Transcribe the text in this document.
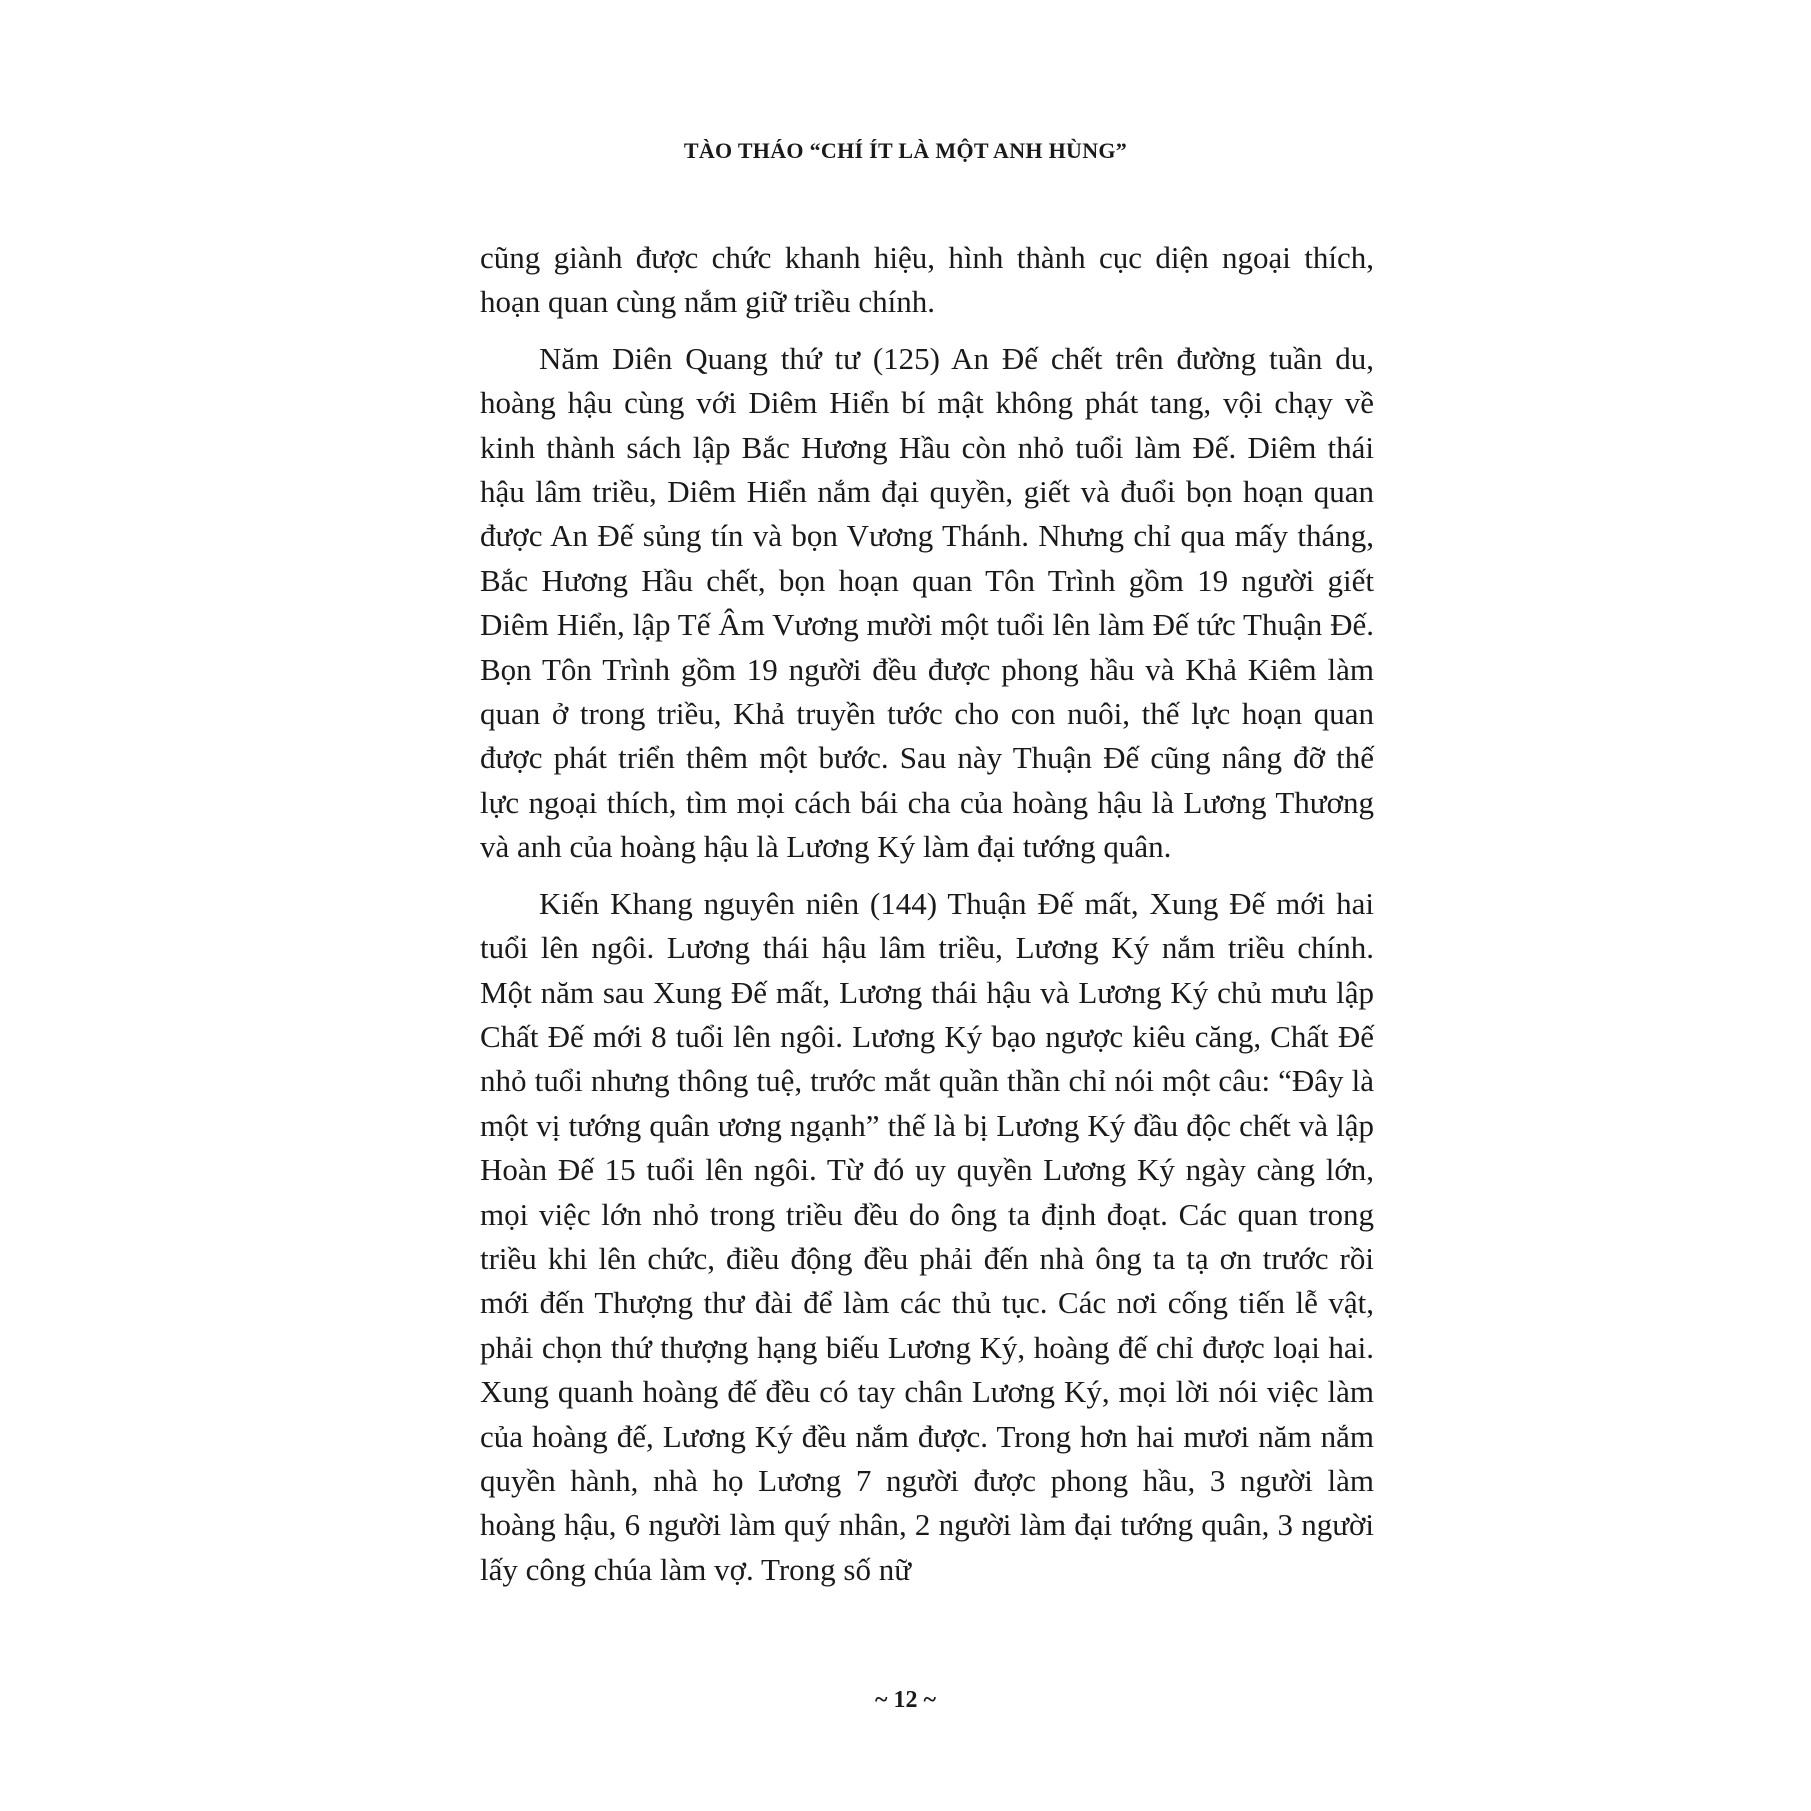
TÀO THÁO “CHÍ ÍT LÀ MỘT ANH HÙNG”

cũng giành được chức khanh hiệu, hình thành cục diện ngoại thích, hoạn quan cùng nắm giữ triều chính.

Năm Diên Quang thứ tư (125) An Đế chết trên đường tuần du, hoàng hậu cùng với Diêm Hiển bí mật không phát tang, vội chạy về kinh thành sách lập Bắc Hương Hầu còn nhỏ tuổi làm Đế. Diêm thái hậu lâm triều, Diêm Hiển nắm đại quyền, giết và đuổi bọn hoạn quan được An Đế sủng tín và bọn Vương Thánh. Nhưng chỉ qua mấy tháng, Bắc Hương Hầu chết, bọn hoạn quan Tôn Trình gồm 19 người giết Diêm Hiển, lập Tế Âm Vương mười một tuổi lên làm Đế tức Thuận Đế. Bọn Tôn Trình gồm 19 người đều được phong hầu và Khả Kiêm làm quan ở trong triều, Khả truyền tước cho con nuôi, thế lực hoạn quan được phát triển thêm một bước. Sau này Thuận Đế cũng nâng đỡ thế lực ngoại thích, tìm mọi cách bái cha của hoàng hậu là Lương Thương và anh của hoàng hậu là Lương Ký làm đại tướng quân.

Kiến Khang nguyên niên (144) Thuận Đế mất, Xung Đế mới hai tuổi lên ngôi. Lương thái hậu lâm triều, Lương Ký nắm triều chính. Một năm sau Xung Đế mất, Lương thái hậu và Lương Ký chủ mưu lập Chất Đế mới 8 tuổi lên ngôi. Lương Ký bạo ngược kiêu căng, Chất Đế nhỏ tuổi nhưng thông tuệ, trước mắt quần thần chỉ nói một câu: “Đây là một vị tướng quân ương ngạnh” thế là bị Lương Ký đầu độc chết và lập Hoàn Đế 15 tuổi lên ngôi. Từ đó uy quyền Lương Ký ngày càng lớn, mọi việc lớn nhỏ trong triều đều do ông ta định đoạt. Các quan trong triều khi lên chức, điều động đều phải đến nhà ông ta tạ ơn trước rồi mới đến Thượng thư đài để làm các thủ tục. Các nơi cống tiến lễ vật, phải chọn thứ thượng hạng biếu Lương Ký, hoàng đế chỉ được loại hai. Xung quanh hoàng đế đều có tay chân Lương Ký, mọi lời nói việc làm của hoàng đế, Lương Ký đều nắm được. Trong hơn hai mươi năm nắm quyền hành, nhà họ Lương 7 người được phong hầu, 3 người làm hoàng hậu, 6 người làm quý nhân, 2 người làm đại tướng quân, 3 người lấy công chúa làm vợ. Trong số nữ

~ 12 ~
